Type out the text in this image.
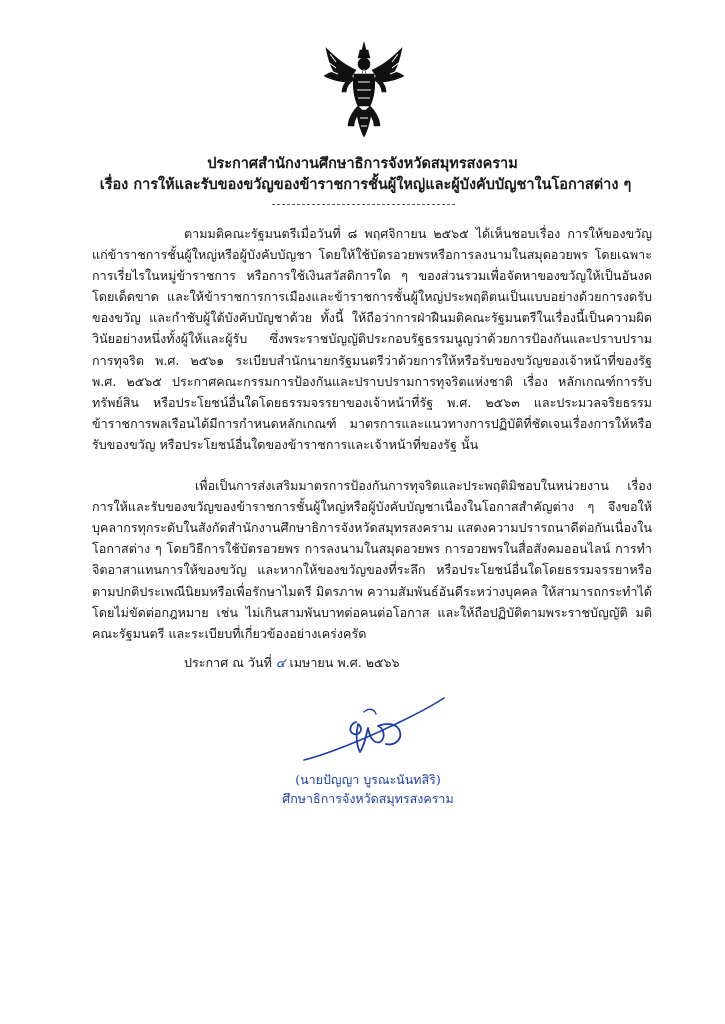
ประกาศสำนักงานศึกษาธิการจังหวัดสมุทรสงคราม
เรื่อง การให้และรับของขวัญของข้าราชการชั้นผู้ใหญ่และผู้บังคับบัญชาในโอกาสต่าง ๆ

ตามมติคณะรัฐมนตรีเมื่อวันที่ ๘ พฤศจิกายน ๒๕๖๕ ได้เห็นชอบเรื่อง การให้ของขวัญแก่ข้าราชการชั้นผู้ใหญ่หรือผู้บังคับบัญชา โดยให้ใช้บัตรอวยพรหรือการลงนามในสมุดอวยพร โดยเฉพาะการเรี่ยไรในหมู่ข้าราชการ หรือการใช้เงินสวัสดิการใด ๆ ของส่วนรวมเพื่อจัดหาของขวัญให้เป็นอันงดโดยเด็ดขาด และให้ข้าราชการการเมืองและข้าราชการชั้นผู้ใหญ่ประพฤติตนเป็นแบบอย่างด้วยการงดรับของขวัญ และกำชับผู้ใต้บังคับบัญชาด้วย ทั้งนี้ ให้ถือว่าการฝ่าฝืนมติคณะรัฐมนตรีในเรื่องนี้เป็นความผิดวินัยอย่างหนึ่งทั้งผู้ให้และผู้รับ ซึ่งพระราชบัญญัติประกอบรัฐธรรมนูญว่าด้วยการป้องกันและปราบปรามการทุจริต พ.ศ. ๒๕๖๑ ระเบียบสำนักนายกรัฐมนตรีว่าด้วยการให้หรือรับของขวัญของเจ้าหน้าที่ของรัฐ พ.ศ. ๒๕๖๕ ประกาศคณะกรรมการป้องกันและปราบปรามการทุจริตแห่งชาติ เรื่อง หลักเกณฑ์การรับทรัพย์สิน หรือประโยชน์อื่นใดโดยธรรมจรรยาของเจ้าหน้าที่รัฐ พ.ศ. ๒๕๖๓ และประมวลจริยธรรมข้าราชการพลเรือนได้มีการกำหนดหลักเกณฑ์ มาตรการและแนวทางการปฏิบัติที่ชัดเจนเรื่องการให้หรือรับของขวัญ หรือประโยชน์อื่นใดของข้าราชการและเจ้าหน้าที่ของรัฐ นั้น

เพื่อเป็นการส่งเสริมมาตรการป้องกันการทุจริตและประพฤติมิชอบในหน่วยงาน เรื่องการให้และรับของขวัญของข้าราชการชั้นผู้ใหญ่หรือผู้บังคับบัญชาเนื่องในโอกาสสำคัญต่าง ๆ จึงขอให้บุคลากรทุกระดับในสังกัดสำนักงานศึกษาธิการจังหวัดสมุทรสงคราม แสดงความปรารถนาดีต่อกันเนื่องในโอกาสต่าง ๆ โดยวิธีการใช้บัตรอวยพร การลงนามในสมุดอวยพร การอวยพรในสื่อสังคมออนไลน์ การทำจิตอาสาแทนการให้ของขวัญ และหากให้ของขวัญของที่ระลึก หรือประโยชน์อื่นใดโดยธรรมจรรยาหรือตามปกติประเพณีนิยมหรือเพื่อรักษาไมตรี มิตรภาพ ความสัมพันธ์อันดีระหว่างบุคคล ให้สามารถกระทำได้โดยไม่ขัดต่อกฎหมาย เช่น ไม่เกินสามพันบาทต่อคนต่อโอกาส และให้ถือปฏิบัติตามพระราชบัญญัติ มติคณะรัฐมนตรี และระเบียบที่เกี่ยวข้องอย่างเคร่งครัด

ประกาศ ณ วันที่ ๔ เมษายน พ.ศ. ๒๕๖๖
(นายปัญญา บูรณะนันทสิริ)
ศึกษาธิการจังหวัดสมุทรสงคราม
